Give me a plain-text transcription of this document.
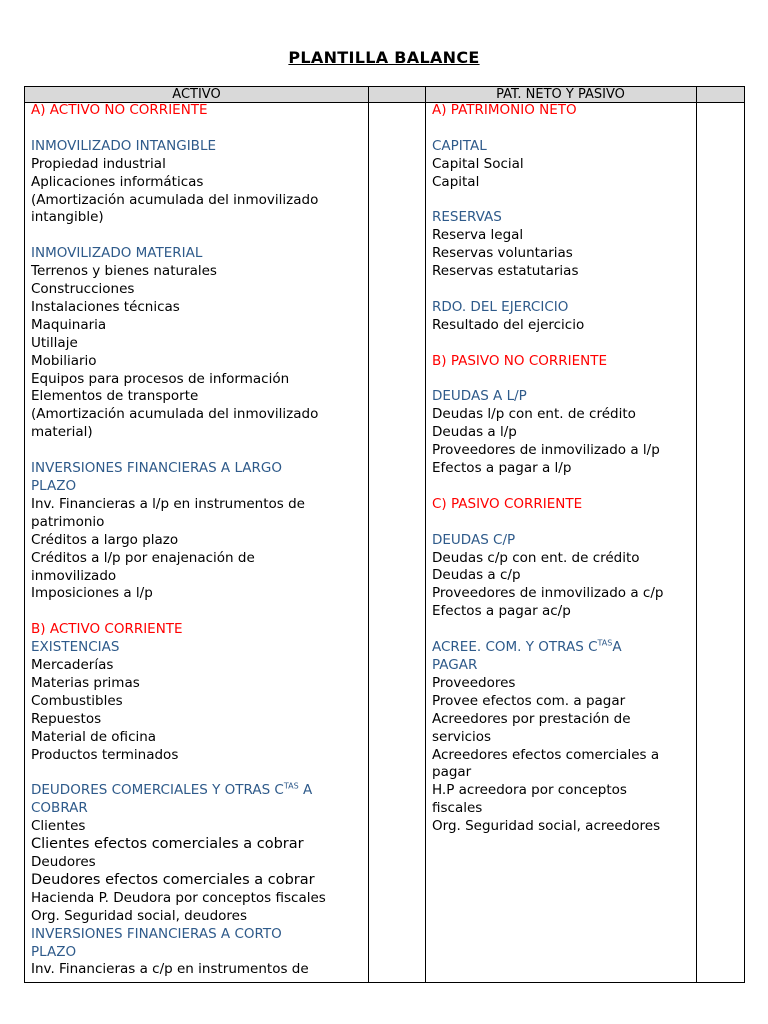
PLANTILLA BALANCE
ACTIVO	PAT. NETO Y PASIVO
A) ACTIVO NO CORRIENTE
INMOVILIZADO INTANGIBLE
Propiedad industrial
Aplicaciones informáticas
(Amortización acumulada del inmovilizado
intangible)
INMOVILIZADO MATERIAL
Terrenos y bienes naturales
Construcciones
Instalaciones técnicas
Maquinaria
Utillaje
Mobiliario
Equipos para procesos de información
Elementos de transporte
(Amortización acumulada del inmovilizado
material)
INVERSIONES FINANCIERAS A LARGO
PLAZO
Inv. Financieras a l/p en instrumentos de
patrimonio
Créditos a largo plazo
Créditos a l/p por enajenación de
inmovilizado
Imposiciones a l/p
B) ACTIVO CORRIENTE
EXISTENCIAS
Mercaderías
Materias primas
Combustibles
Repuestos
Material de oficina
Productos terminados
DEUDORES COMERCIALES Y OTRAS $C^{TAS}$ A
COBRAR
Clientes
Clientes efectos comerciales a cobrar
Deudores
Deudores efectos comerciales a cobrar
Hacienda P. Deudora por conceptos fiscales
Org. Seguridad social, deudores
INVERSIONES FINANCIERAS A CORTO
PLAZO
Inv. Financieras a c/p en instrumentos de
A) PATRIMONIO NETO
CAPITAL
Capital Social
Capital
RESERVAS
Reserva legal
Reservas voluntarias
Reservas estatutarias
RDO. DEL EJERCICIO
Resultado del ejercicio
B) PASIVO NO CORRIENTE
DEUDAS A L/P
Deudas l/p con ent. de crédito
Deudas a l/p
Proveedores de inmovilizado a l/p
Efectos a pagar a l/p
C) PASIVO CORRIENTE
DEUDAS C/P
Deudas c/p con ent. de crédito
Deudas a c/p
Proveedores de inmovilizado a c/p
Efectos a pagar ac/p
ACREE. COM. Y OTRAS $C^{TAS}A$
PAGAR
Proveedores
Provee efectos com. a pagar
Acreedores por prestación de
servicios
Acreedores efectos comerciales a
pagar
H.P acreedora por conceptos
fiscales
Org. Seguridad social, acreedores
